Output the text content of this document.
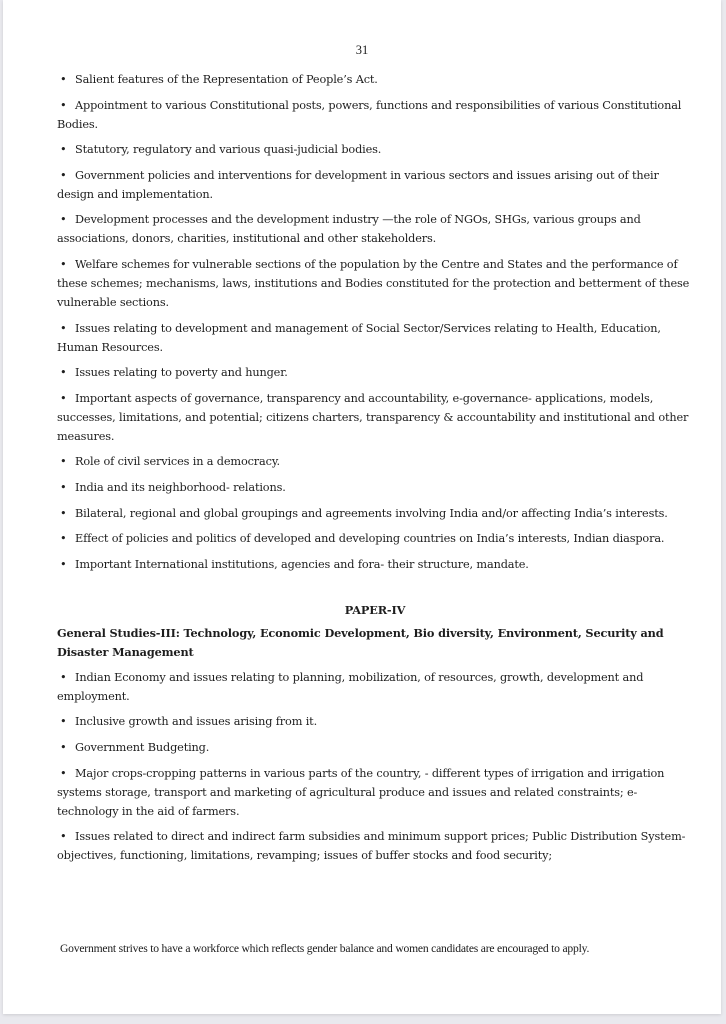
31
• Salient features of the Representation of People’s Act.
• Appointment to various Constitutional posts, powers, functions and responsibilities of various Constitutional Bodies.
• Statutory, regulatory and various quasi-judicial bodies.
• Government policies and interventions for development in various sectors and issues arising out of their design and implementation.
• Development processes and the development industry —the role of NGOs, SHGs, various groups and associations, donors, charities, institutional and other stakeholders.
• Welfare schemes for vulnerable sections of the population by the Centre and States and the performance of these schemes; mechanisms, laws, institutions and Bodies constituted for the protection and betterment of these vulnerable sections.
• Issues relating to development and management of Social Sector/Services relating to Health, Education, Human Resources.
• Issues relating to poverty and hunger.
• Important aspects of governance, transparency and accountability, e-governance- applications, models, successes, limitations, and potential; citizens charters, transparency & accountability and institutional and other measures.
• Role of civil services in a democracy.
• India and its neighborhood- relations.
• Bilateral, regional and global groupings and agreements involving India and/or affecting India’s interests.
• Effect of policies and politics of developed and developing countries on India’s interests, Indian diaspora.
• Important International institutions, agencies and fora- their structure, mandate.
PAPER-IV
General Studies-III: Technology, Economic Development, Bio diversity, Environment, Security and Disaster Management
• Indian Economy and issues relating to planning, mobilization, of resources, growth, development and employment.
• Inclusive growth and issues arising from it.
• Government Budgeting.
• Major crops-cropping patterns in various parts of the country, - different types of irrigation and irrigation systems storage, transport and marketing of agricultural produce and issues and related constraints; e-technology in the aid of farmers.
• Issues related to direct and indirect farm subsidies and minimum support prices; Public Distribution System- objectives, functioning, limitations, revamping; issues of buffer stocks and food security;
Government strives to have a workforce which reflects gender balance and women candidates are encouraged to apply.
